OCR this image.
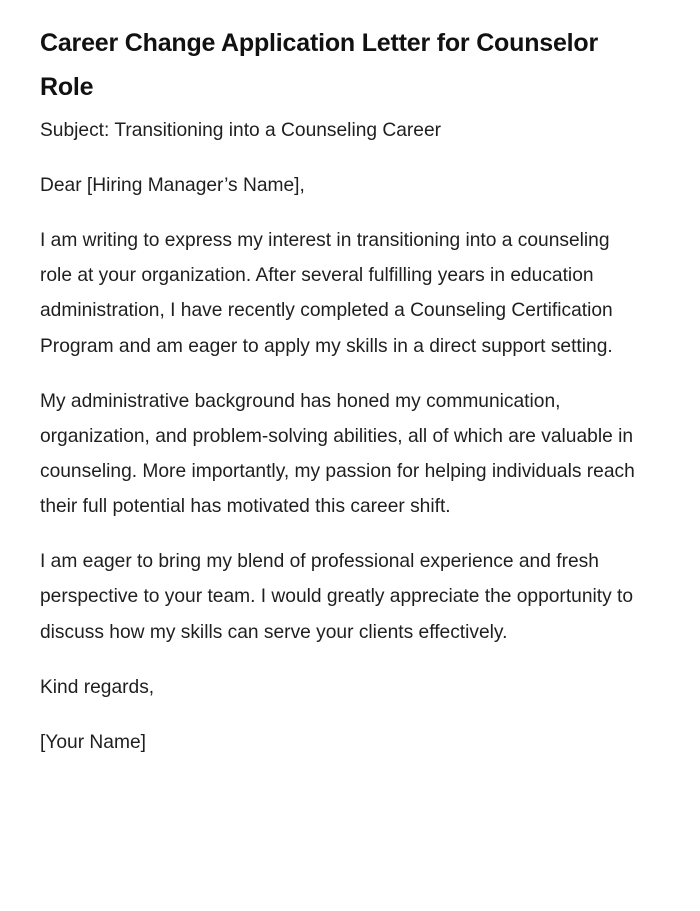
Career Change Application Letter for Counselor Role

Subject: Transitioning into a Counseling Career

Dear [Hiring Manager’s Name],

I am writing to express my interest in transitioning into a counseling role at your organization. After several fulfilling years in education administration, I have recently completed a Counseling Certification Program and am eager to apply my skills in a direct support setting.

My administrative background has honed my communication, organization, and problem-solving abilities, all of which are valuable in counseling. More importantly, my passion for helping individuals reach their full potential has motivated this career shift.

I am eager to bring my blend of professional experience and fresh perspective to your team. I would greatly appreciate the opportunity to discuss how my skills can serve your clients effectively.

Kind regards,

[Your Name]
